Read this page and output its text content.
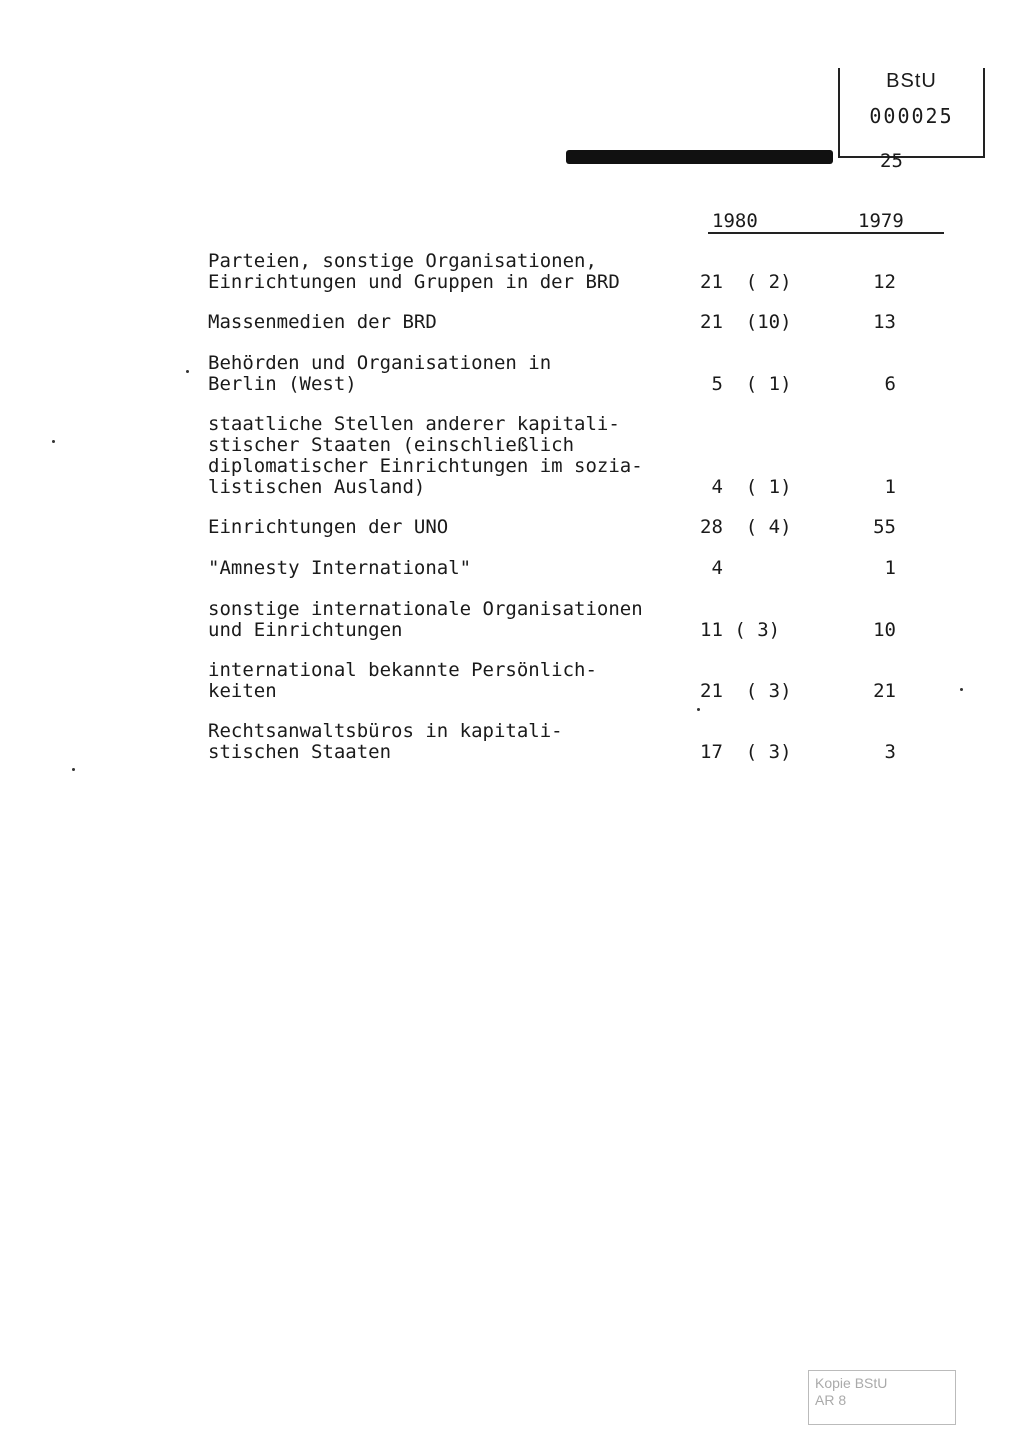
BStU
000025
25
1980	1979
Parteien, sonstige Organisationen,
Einrichtungen und Gruppen in der BRD	21  ( 2)	12
Massenmedien der BRD	21  (10)	13
Behörden und Organisationen in
Berlin (West)	5  ( 1)	6
staatliche Stellen anderer kapitali-
stischer Staaten (einschließlich
diplomatischer Einrichtungen im sozia-
listischen Ausland)	4  ( 1)	1
Einrichtungen der UNO	28  ( 4)	55
"Amnesty International"	4	1
sonstige internationale Organisationen
und Einrichtungen	11 ( 3)	10
international bekannte Persönlich-
keiten	21  ( 3)	21
Rechtsanwaltsbüros in kapitali-
stischen Staaten	17  ( 3)	3
Kopie BStU
AR 8
